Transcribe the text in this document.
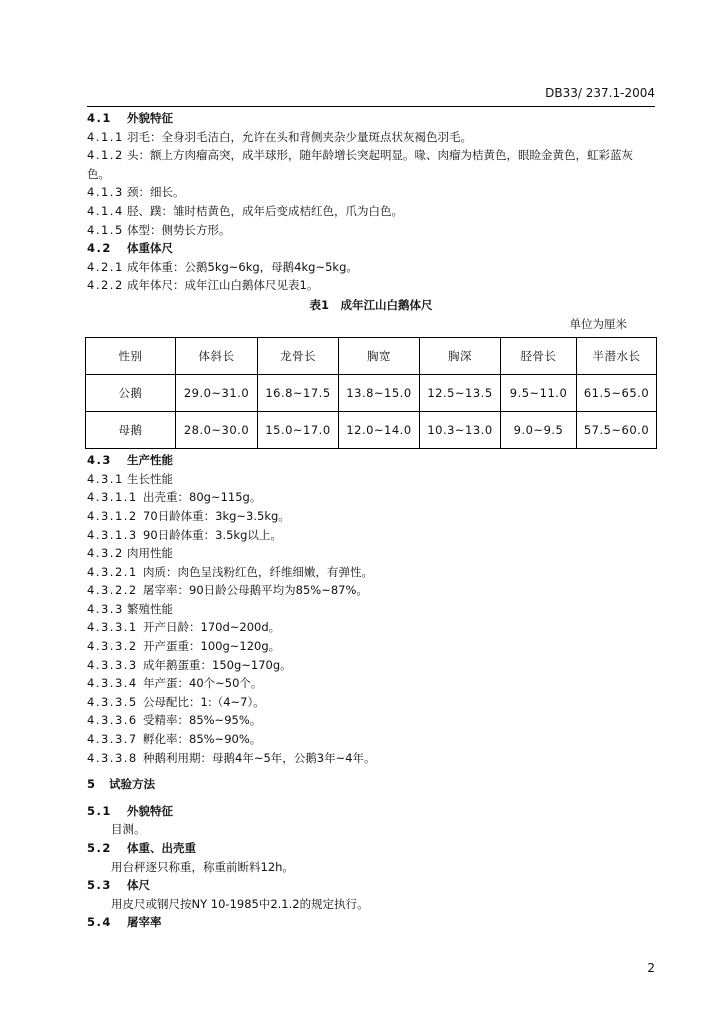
DB33/ 237.1-2004
4.1 外貌特征
4.1.1 羽毛：全身羽毛洁白，允许在头和背侧夹杂少量斑点状灰褐色羽毛。
4.1.2 头：额上方肉瘤高突，成半球形，随年龄增长突起明显。喙、肉瘤为桔黄色，眼睑金黄色，虹彩蓝灰色。
4.1.3 颈：细长。
4.1.4 胫、蹼：雏时桔黄色，成年后变成桔红色，爪为白色。
4.1.5 体型：侧势长方形。
4.2 体重体尺
4.2.1 成年体重：公鹅5kg~6kg，母鹅4kg~5kg。
4.2.2 成年体尺：成年江山白鹅体尺见表1。
表1　成年江山白鹅体尺
单位为厘米
性别	体斜长	龙骨长	胸宽	胸深	胫骨长	半潜水长
公鹅	29.0~31.0	16.8~17.5	13.8~15.0	12.5~13.5	9.5~11.0	61.5~65.0
母鹅	28.0~30.0	15.0~17.0	12.0~14.0	10.3~13.0	9.0~9.5	57.5~60.0
4.3 生产性能
4.3.1 生长性能
4.3.1.1 出壳重：80g~115g。
4.3.1.2 70日龄体重：3kg~3.5kg。
4.3.1.3 90日龄体重：3.5kg以上。
4.3.2 肉用性能
4.3.2.1 肉质：肉色呈浅粉红色，纤维细嫩，有弹性。
4.3.2.2 屠宰率：90日龄公母鹅平均为85%~87%。
4.3.3 繁殖性能
4.3.3.1 开产日龄：170d~200d。
4.3.3.2 开产蛋重：100g~120g。
4.3.3.3 成年鹅蛋重：150g~170g。
4.3.3.4 年产蛋：40个~50个。
4.3.3.5 公母配比：1:（4~7）。
4.3.3.6 受精率：85%~95%。
4.3.3.7 孵化率：85%~90%。
4.3.3.8 种鹅利用期：母鹅4年~5年，公鹅3年~4年。
5 试验方法
5.1 外貌特征
目测。
5.2 体重、出壳重
用台秤逐只称重，称重前断料12h。
5.3 体尺
用皮尺或钢尺按NY 10-1985中2.1.2的规定执行。
5.4 屠宰率
2
